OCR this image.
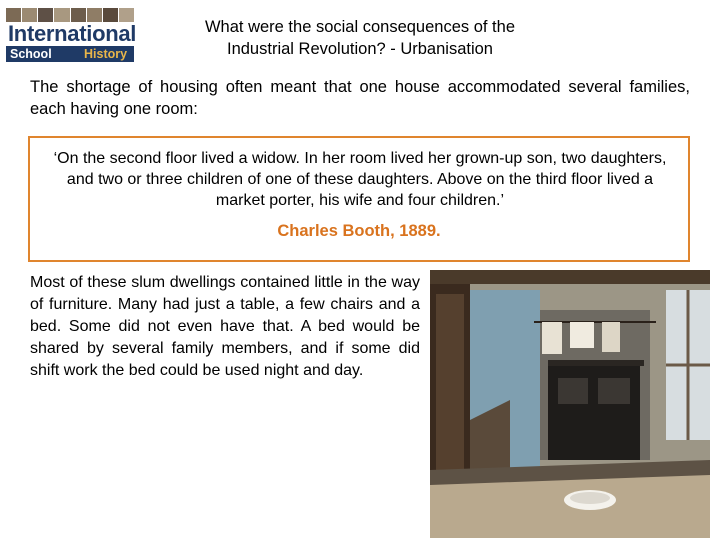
International
School	History
What were the social consequences of the
Industrial Revolution? - Urbanisation
The shortage of housing often meant that one house accommodated several families, each having one room:
‘On the second floor lived a widow. In her room lived her grown-up son, two daughters, and two or three children of one of these daughters. Above on the third floor lived a market porter, his wife and four children.’
Charles Booth, 1889.
Most of these slum dwellings contained little in the way of furniture. Many had just a table, a few chairs and a bed. Some did not even have that. A bed would be shared by several family members, and if some did shift work the bed could be used night and day.
